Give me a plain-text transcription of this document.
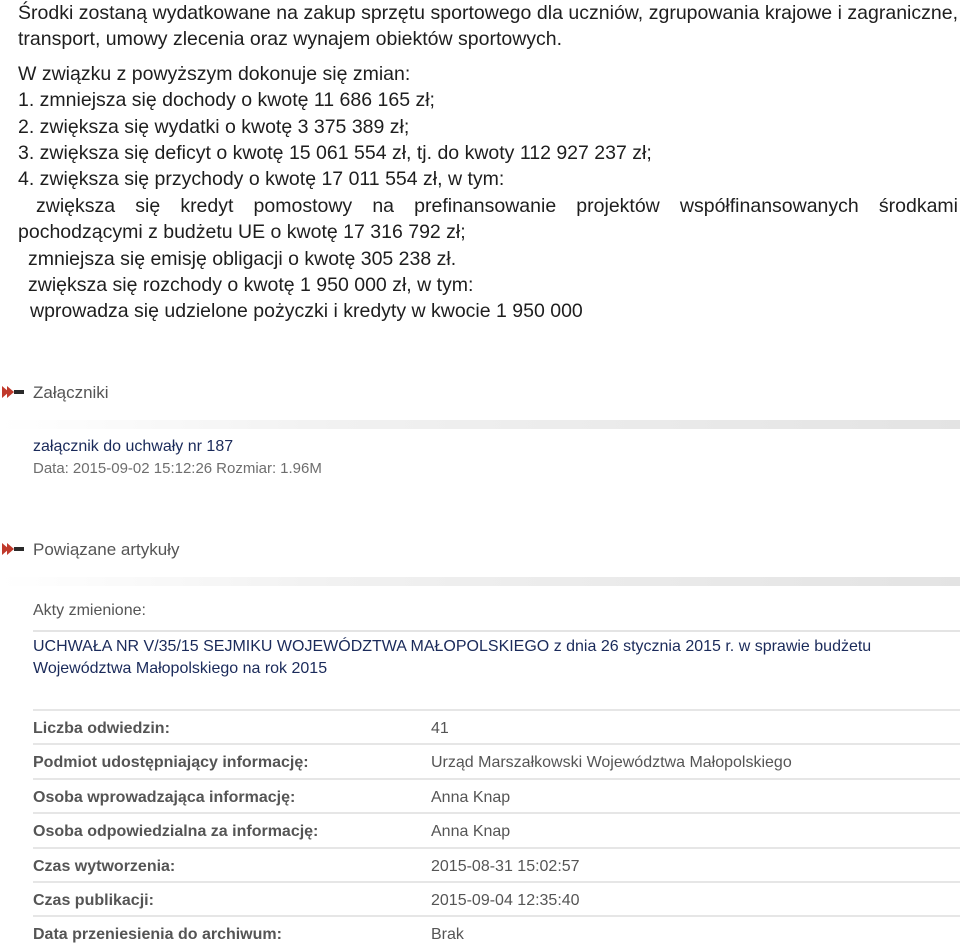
Środki zostaną wydatkowane na zakup sprzętu sportowego dla uczniów, zgrupowania krajowe i zagraniczne, transport, umowy zlecenia oraz wynajem obiektów sportowych.

W związku z powyższym dokonuje się zmian:

1. zmniejsza się dochody o kwotę 11 686 165 zł;

2. zwiększa się wydatki o kwotę 3 375 389 zł;

3. zwiększa się deficyt o kwotę 15 061 554 zł, tj. do kwoty 112 927 237 zł;

4. zwiększa się przychody o kwotę 17 011 554 zł, w tym:

zwiększa się kredyt pomostowy na prefinansowanie projektów współfinansowanych środkami pochodzącymi z budżetu UE o kwotę 17 316 792 zł;

zmniejsza się emisję obligacji o kwotę 305 238 zł.

zwiększa się rozchody o kwotę 1 950 000 zł, w tym:

wprowadza się udzielone pożyczki i kredyty w kwocie 1 950 000

Załączniki
załącznik do uchwały nr 187
Data: 2015-09-02 15:12:26 Rozmiar: 1.96M
Powiązane artykuły
Akty zmienione:
UCHWAŁA NR V/35/15 SEJMIKU WOJEWÓDZTWA MAŁOPOLSKIEGO z dnia 26 stycznia 2015 r. w sprawie budżetu Województwa Małopolskiego na rok 2015
Liczba odwiedzin:	41
Podmiot udostępniający informację:	Urząd Marszałkowski Województwa Małopolskiego
Osoba wprowadzająca informację:	Anna Knap
Osoba odpowiedzialna za informację:	Anna Knap
Czas wytworzenia:	2015-08-31 15:02:57
Czas publikacji:	2015-09-04 12:35:40
Data przeniesienia do archiwum:	Brak
